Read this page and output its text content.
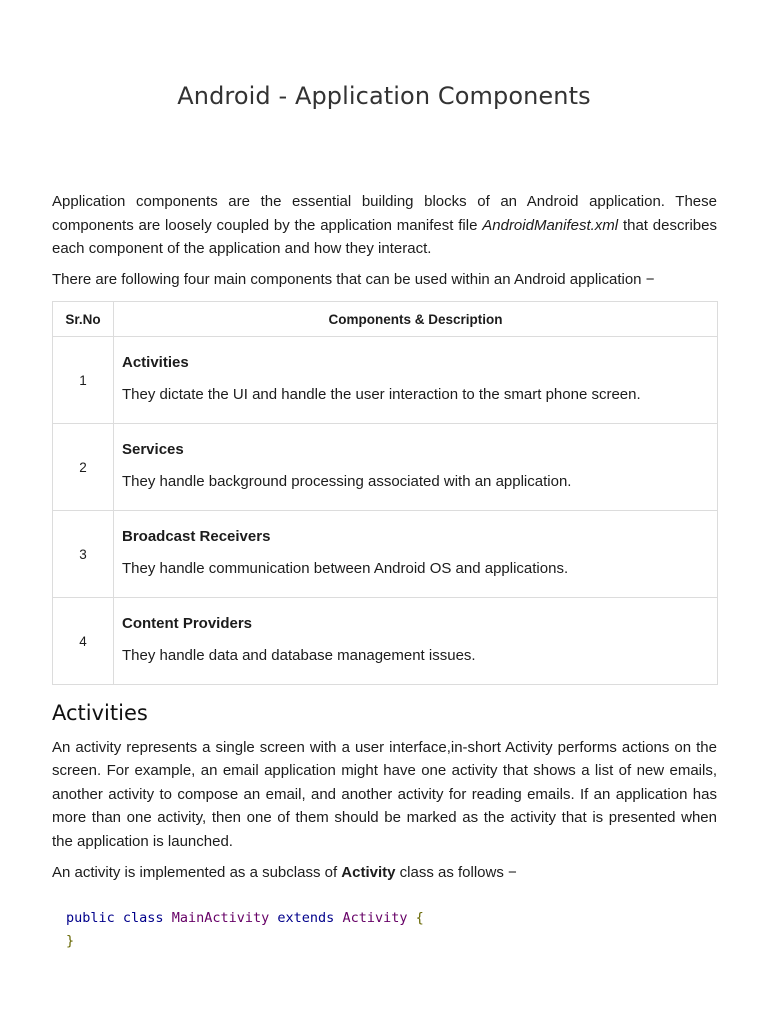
Android - Application Components

Application components are the essential building blocks of an Android application. These components are loosely coupled by the application manifest file AndroidManifest.xml that describes each component of the application and how they interact.

There are following four main components that can be used within an Android application −

Sr.No	Components & Description
1	Activities

They dictate the UI and handle the user interaction to the smart phone screen.

2	Services

They handle background processing associated with an application.

3	Broadcast Receivers

They handle communication between Android OS and applications.

4	Content Providers

They handle data and database management issues.

Activities

An activity represents a single screen with a user interface,in-short Activity performs actions on the screen. For example, an email application might have one activity that shows a list of new emails, another activity to compose an email, and another activity for reading emails. If an application has more than one activity, then one of them should be marked as the activity that is presented when the application is launched.

An activity is implemented as a subclass of Activity class as follows −

public class MainActivity extends Activity {
}
